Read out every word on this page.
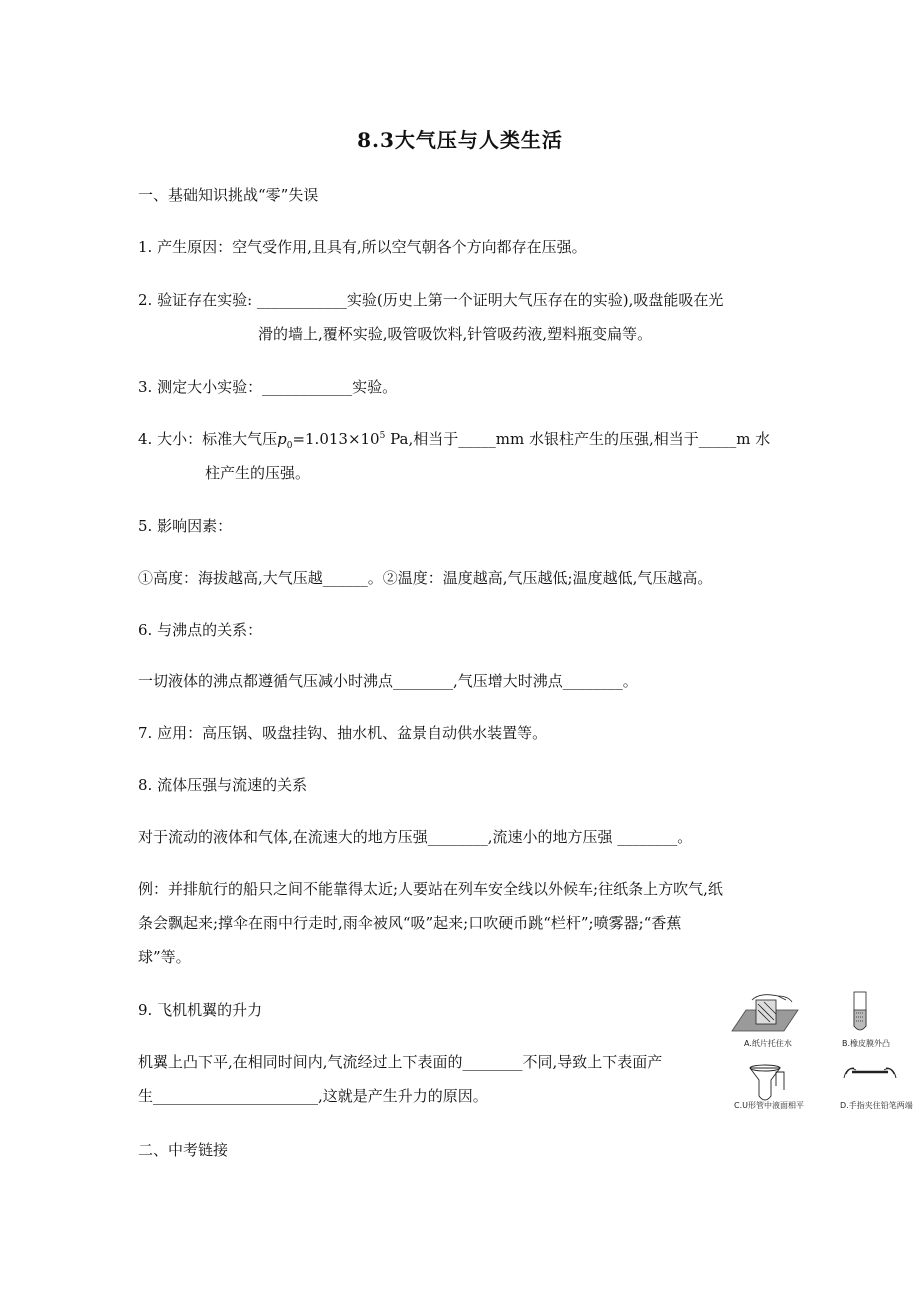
8.3大气压与人类生活
一、基础知识挑战“零”失误
1. 产生原因：空气受作用,且具有,所以空气朝各个方向都存在压强。
2. 验证存在实验: ____________实验(历史上第一个证明大气压存在的实验),吸盘能吸在光
滑的墙上,覆杯实验,吸管吸饮料,针管吸药液,塑料瓶变扁等。
3. 测定大小实验：____________实验。
4. 大小：标准大气压$p_0=1.013\times 10^5$ Pa,相当于_____mm 水银柱产生的压强,相当于_____m 水
柱产生的压强。
5. 影响因素：
①高度：海拔越高,大气压越______。②温度：温度越高,气压越低;温度越低,气压越高。
6. 与沸点的关系：
一切液体的沸点都遵循气压减小时沸点________,气压增大时沸点________。
7. 应用：高压锅、吸盘挂钩、抽水机、盆景自动供水装置等。
8. 流体压强与流速的关系
对于流动的液体和气体,在流速大的地方压强________,流速小的地方压强 ________。
例：并排航行的船只之间不能靠得太近;人要站在列车安全线以外候车;往纸条上方吹气,纸
条会飘起来;撑伞在雨中行走时,雨伞被风“吸”起来;口吹硬币跳“栏杆”;喷雾器;“香蕉
球”等。
9. 飞机机翼的升力
机翼上凸下平,在相同时间内,气流经过上下表面的________不同,导致上下表面产
生______________________,这就是产生升力的原因。
二、中考链接
A.纸片托住水	B.橡皮膜外凸
C.U形管中液面相平	D.手指夹住铅笔两端
